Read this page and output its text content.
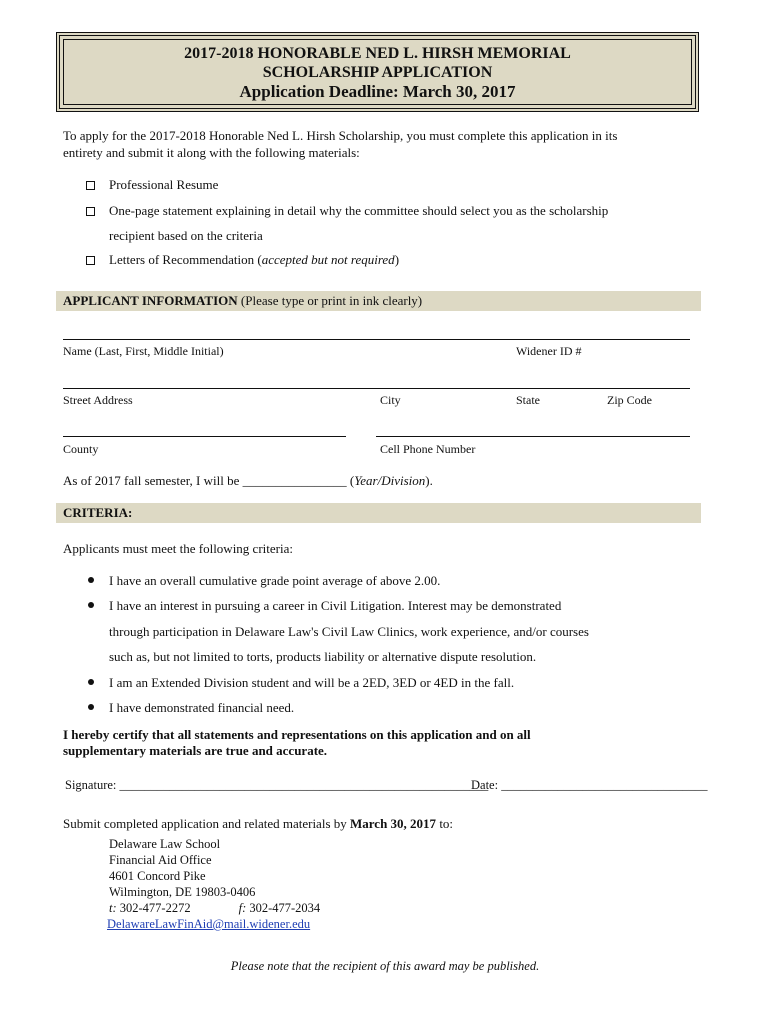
2017-2018 HONORABLE NED L. HIRSH MEMORIAL
SCHOLARSHIP APPLICATION
Application Deadline: March 30, 2017
To apply for the 2017-2018 Honorable Ned L. Hirsh Scholarship, you must complete this application in its
entirety and submit it along with the following materials:
Professional Resume
One-page statement explaining in detail why the committee should select you as the scholarship
recipient based on the criteria
Letters of Recommendation (accepted but not required)
APPLICANT INFORMATION (Please type or print in ink clearly)
Name (Last, First, Middle Initial)	Widener ID #
Street Address	City	State	Zip Code
County	Cell Phone Number
As of 2017 fall semester, I will be ________________ (Year/Division).
CRITERIA:
Applicants must meet the following criteria:
I have an overall cumulative grade point average of above 2.00.
I have an interest in pursuing a career in Civil Litigation. Interest may be demonstrated
through participation in Delaware Law's Civil Law Clinics, work experience, and/or courses
such as, but not limited to torts, products liability or alternative dispute resolution.
I am an Extended Division student and will be a 2ED, 3ED or 4ED in the fall.
I have demonstrated financial need.
I hereby certify that all statements and representations on this application and on all
supplementary materials are true and accurate.
Signature: ___________________________________________________________
Date: _________________________________
Submit completed application and related materials by March 30, 2017 to:
Delaware Law School
Financial Aid Office
4601 Concord Pike
Wilmington, DE 19803-0406
t: 302-477-2272	f: 302-477-2034
DelawareLawFinAid@mail.widener.edu
Please note that the recipient of this award may be published.
